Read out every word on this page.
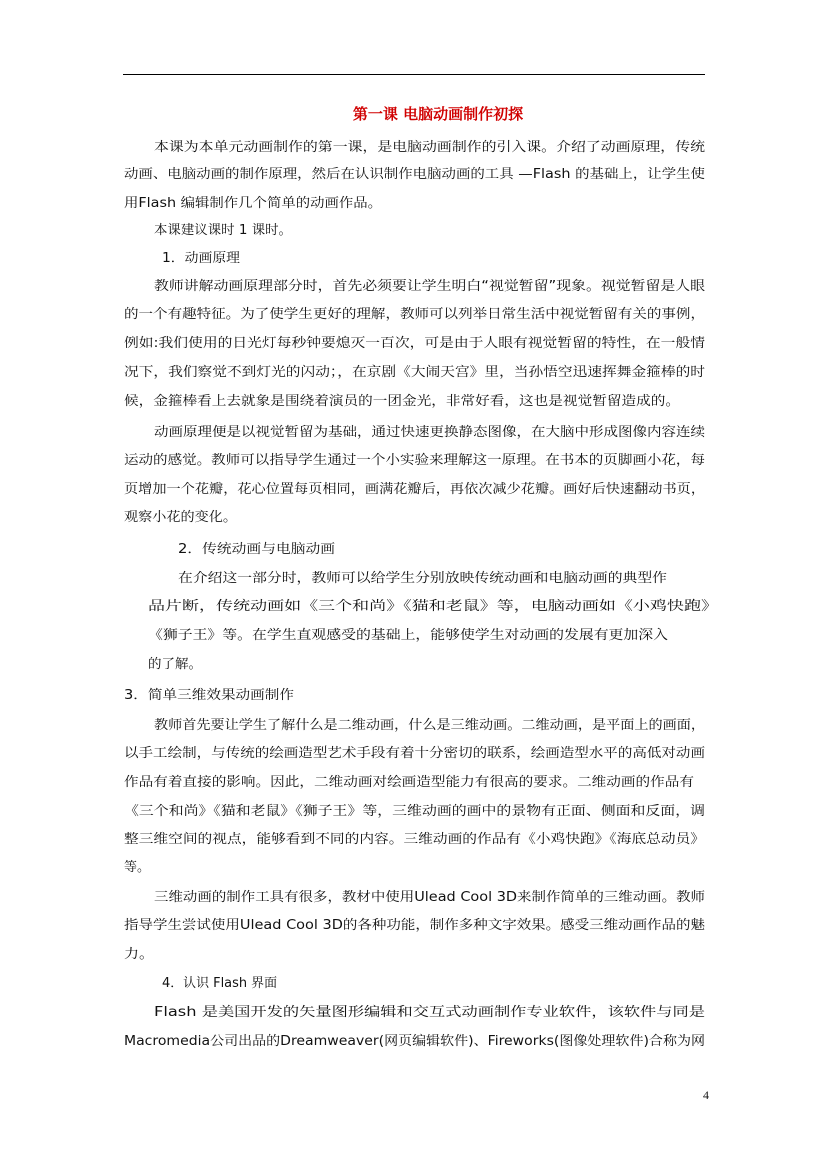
第一课 电脑动画制作初探
本课为本单元动画制作的第一课，是电脑动画制作的引入课。介绍了动画原理，传统
动画、电脑动画的制作原理，然后在认识制作电脑动画的工具 —Flash 的基础上，让学生使
用Flash 编辑制作几个简单的动画作品。
本课建议课时 1 课时。
1．动画原理
教师讲解动画原理部分时，首先必须要让学生明白“视觉暂留”现象。视觉暂留是人眼
的一个有趣特征。为了使学生更好的理解，教师可以列举日常生活中视觉暂留有关的事例，
例如:我们使用的日光灯每秒钟要熄灭一百次，可是由于人眼有视觉暂留的特性，在一般情
况下，我们察觉不到灯光的闪动；，在京剧《大闹天宫》里，当孙悟空迅速挥舞金箍棒的时
候，金箍棒看上去就象是围绕着演员的一团金光，非常好看，这也是视觉暂留造成的。
动画原理便是以视觉暂留为基础，通过快速更换静态图像，在大脑中形成图像内容连续
运动的感觉。教师可以指导学生通过一个小实验来理解这一原理。在书本的页脚画小花，每
页增加一个花瓣，花心位置每页相同，画满花瓣后，再依次减少花瓣。画好后快速翻动书页，
观察小花的变化。
2．传统动画与电脑动画
在介绍这一部分时，教师可以给学生分别放映传统动画和电脑动画的典型作
品片断，传统动画如《三个和尚》《猫和老鼠》等，电脑动画如《小鸡快跑》
《狮子王》等。在学生直观感受的基础上，能够使学生对动画的发展有更加深入
的了解。
3．简单三维效果动画制作
教师首先要让学生了解什么是二维动画，什么是三维动画。二维动画，是平面上的画面，
以手工绘制，与传统的绘画造型艺术手段有着十分密切的联系，绘画造型水平的高低对动画
作品有着直接的影响。因此，二维动画对绘画造型能力有很高的要求。二维动画的作品有
《三个和尚》《猫和老鼠》《狮子王》等，三维动画的画中的景物有正面、侧面和反面，调
整三维空间的视点，能够看到不同的内容。三维动画的作品有《小鸡快跑》《海底总动员》
等。
三维动画的制作工具有很多，教材中使用Ulead Cool 3D来制作简单的三维动画。教师
指导学生尝试使用Ulead Cool 3D的各种功能，制作多种文字效果。感受三维动画作品的魅
力。
4．认识 Flash 界面
Flash 是美国开发的矢量图形编辑和交互式动画制作专业软件，该软件与同是
Macromedia公司出品的Dreamweaver(网页编辑软件)、Fireworks(图像处理软件)合称为网
4
